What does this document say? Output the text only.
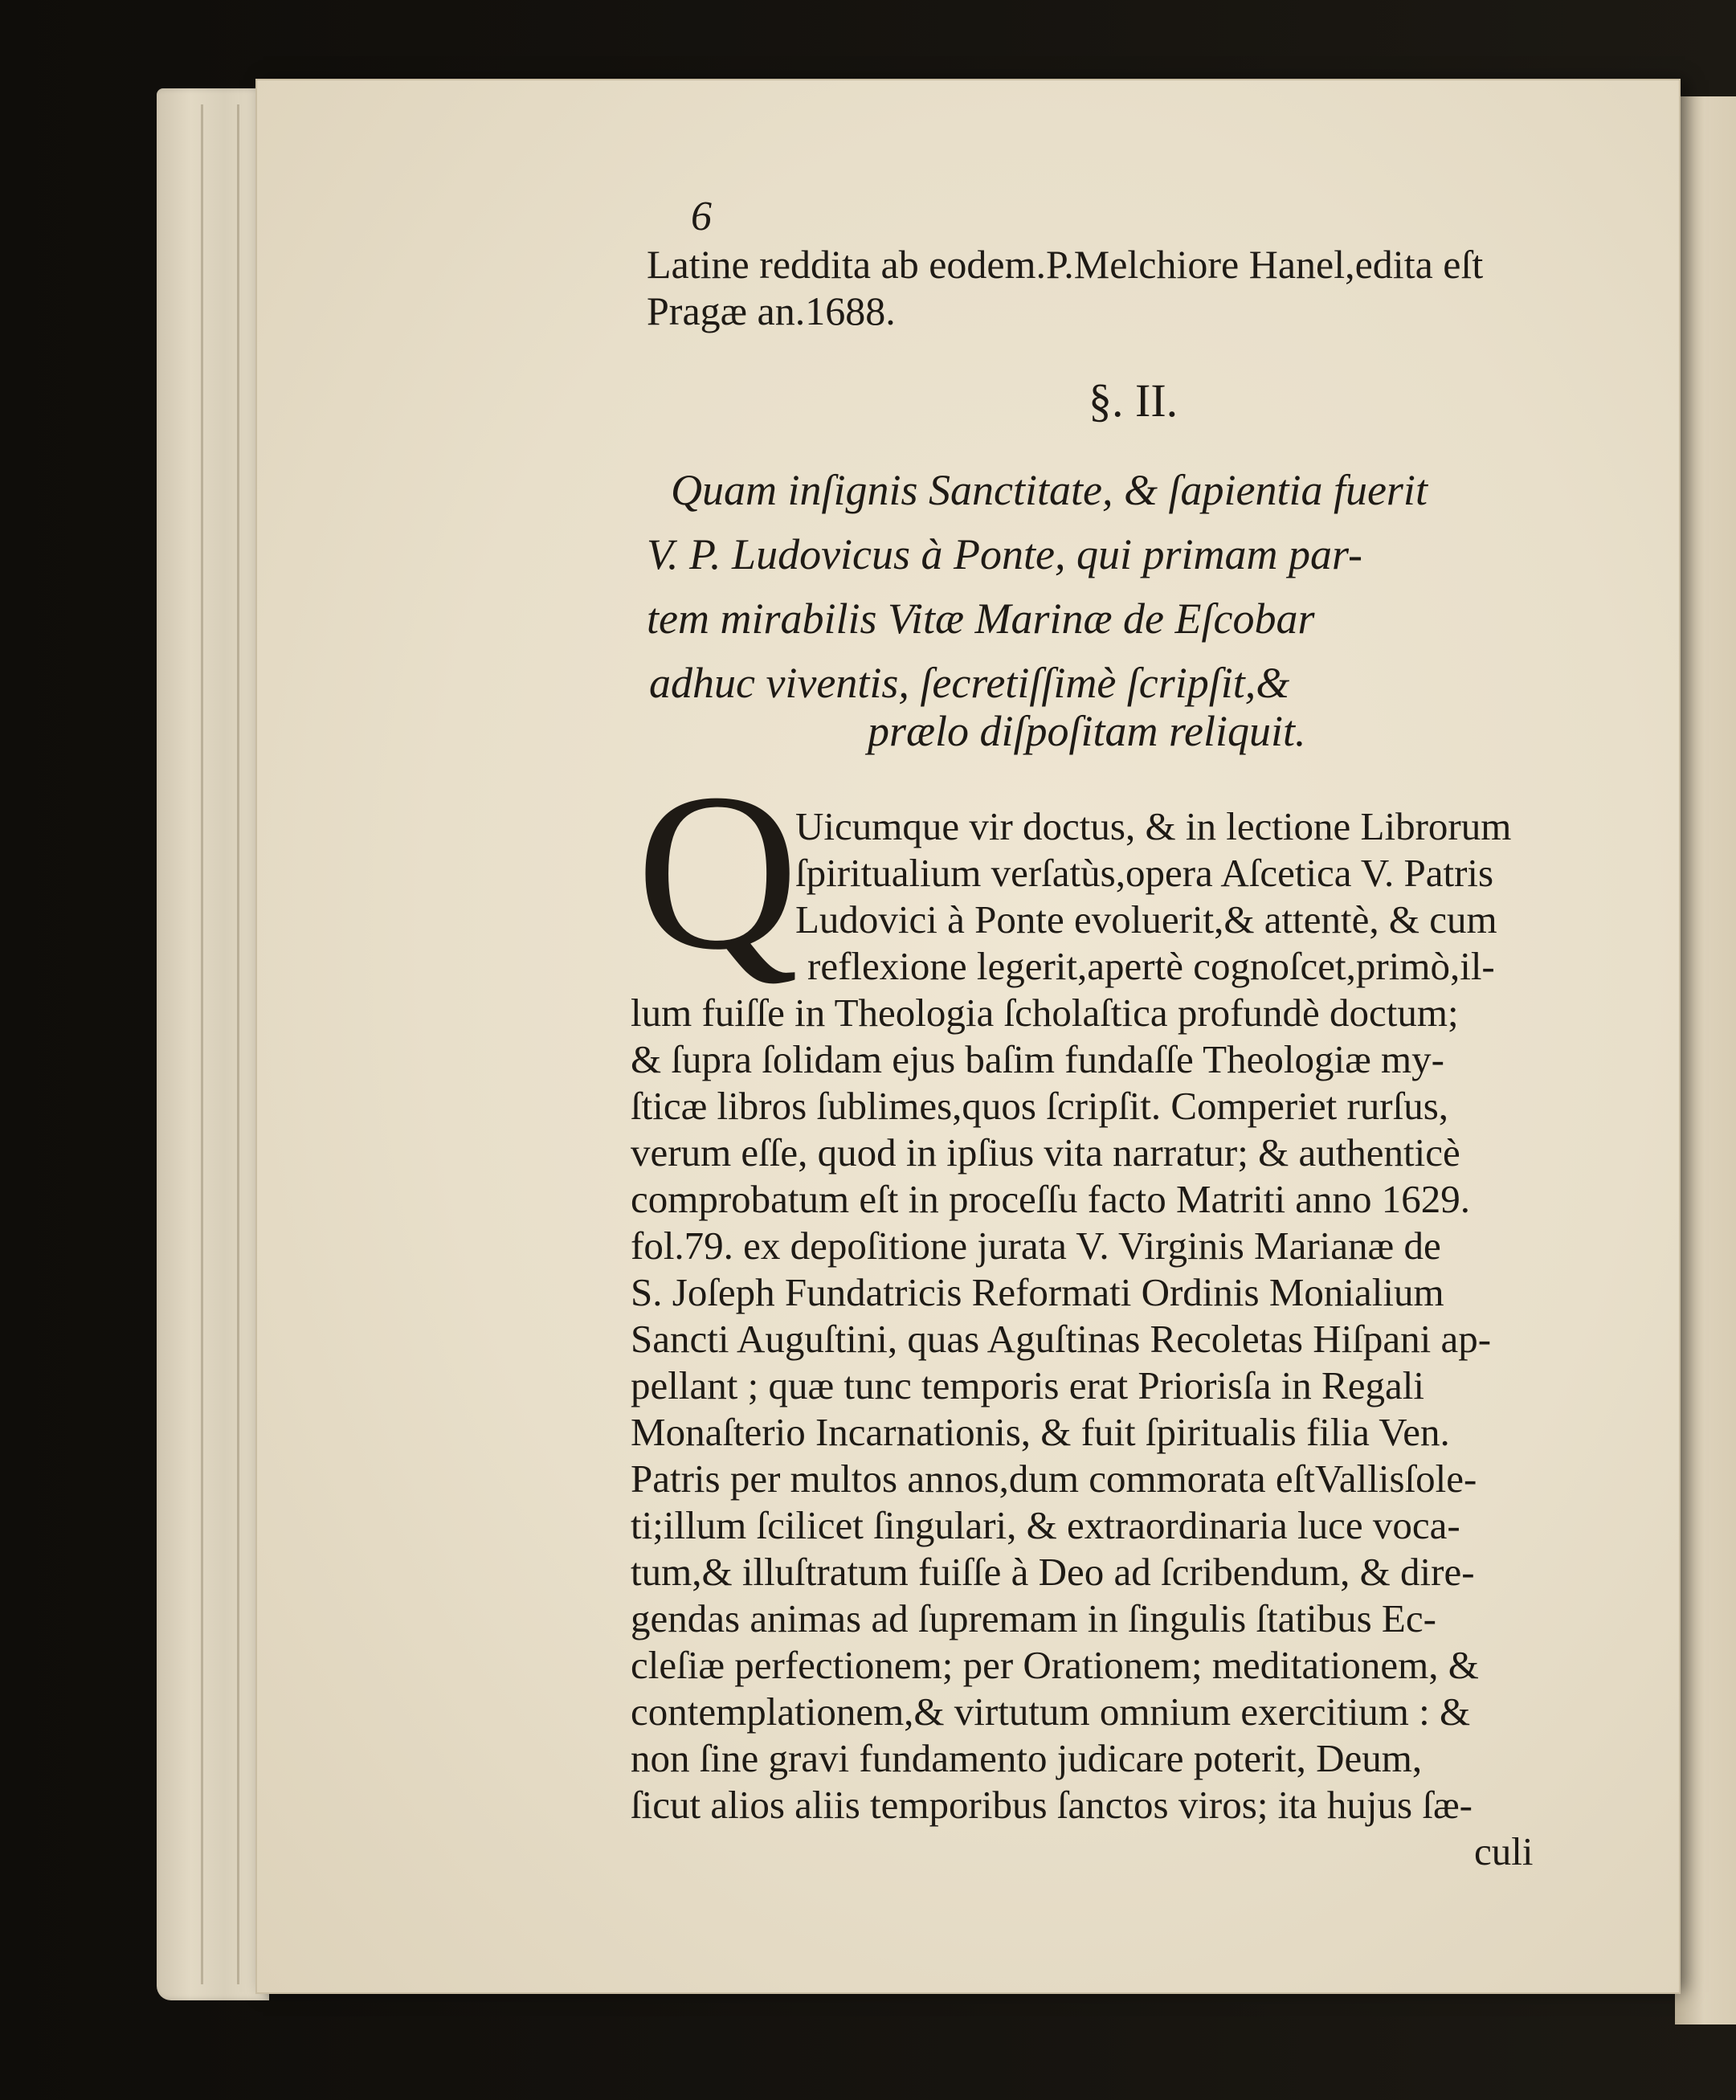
6
Latine reddita ab eodem.P.Melchiore Hanel,edita eſt
Pragæ an.1688.
§. II.
Quam inſignis Sanctitate, & ſapientia fuerit
V. P. Ludovicus à Ponte, qui primam par-
tem mirabilis Vitæ Marinæ de Eſcobar
adhuc viventis, ſecretiſſimè ſcripſit,&
prælo diſpoſitam reliquit.
Q
Uicumque vir doctus, & in lectione Librorum
ſpiritualium verſatùs,opera Aſcetica V. Patris
Ludovici à Ponte evoluerit,& attentè, & cum
reflexione legerit,apertè cognoſcet,primò,il-
lum fuiſſe in Theologia ſcholaſtica profundè doctum;
& ſupra ſolidam ejus baſim fundaſſe Theologiæ my-
ſticæ libros ſublimes,quos ſcripſit. Comperiet rurſus,
verum eſſe, quod in ipſius vita narratur; & authenticè
comprobatum eſt in proceſſu facto Matriti anno 1629.
fol.79. ex depoſitione jurata V. Virginis Marianæ de
S. Joſeph Fundatricis Reformati Ordinis Monialium
Sancti Auguſtini, quas Aguſtinas Recoletas Hiſpani ap-
pellant ; quæ tunc temporis erat Priorisſa in Regali
Monaſterio Incarnationis, & fuit ſpiritualis filia Ven.
Patris per multos annos,dum commorata eſtVallisſole-
ti;illum ſcilicet ſingulari, & extraordinaria luce voca-
tum,& illuſtratum fuiſſe à Deo ad ſcribendum, & dire-
gendas animas ad ſupremam in ſingulis ſtatibus Ec-
cleſiæ perfectionem; per Orationem; meditationem, &
contemplationem,& virtutum omnium exercitium : &
non ſine gravi fundamento judicare poterit, Deum,
ſicut alios aliis temporibus ſanctos viros; ita hujus ſæ-
culi
